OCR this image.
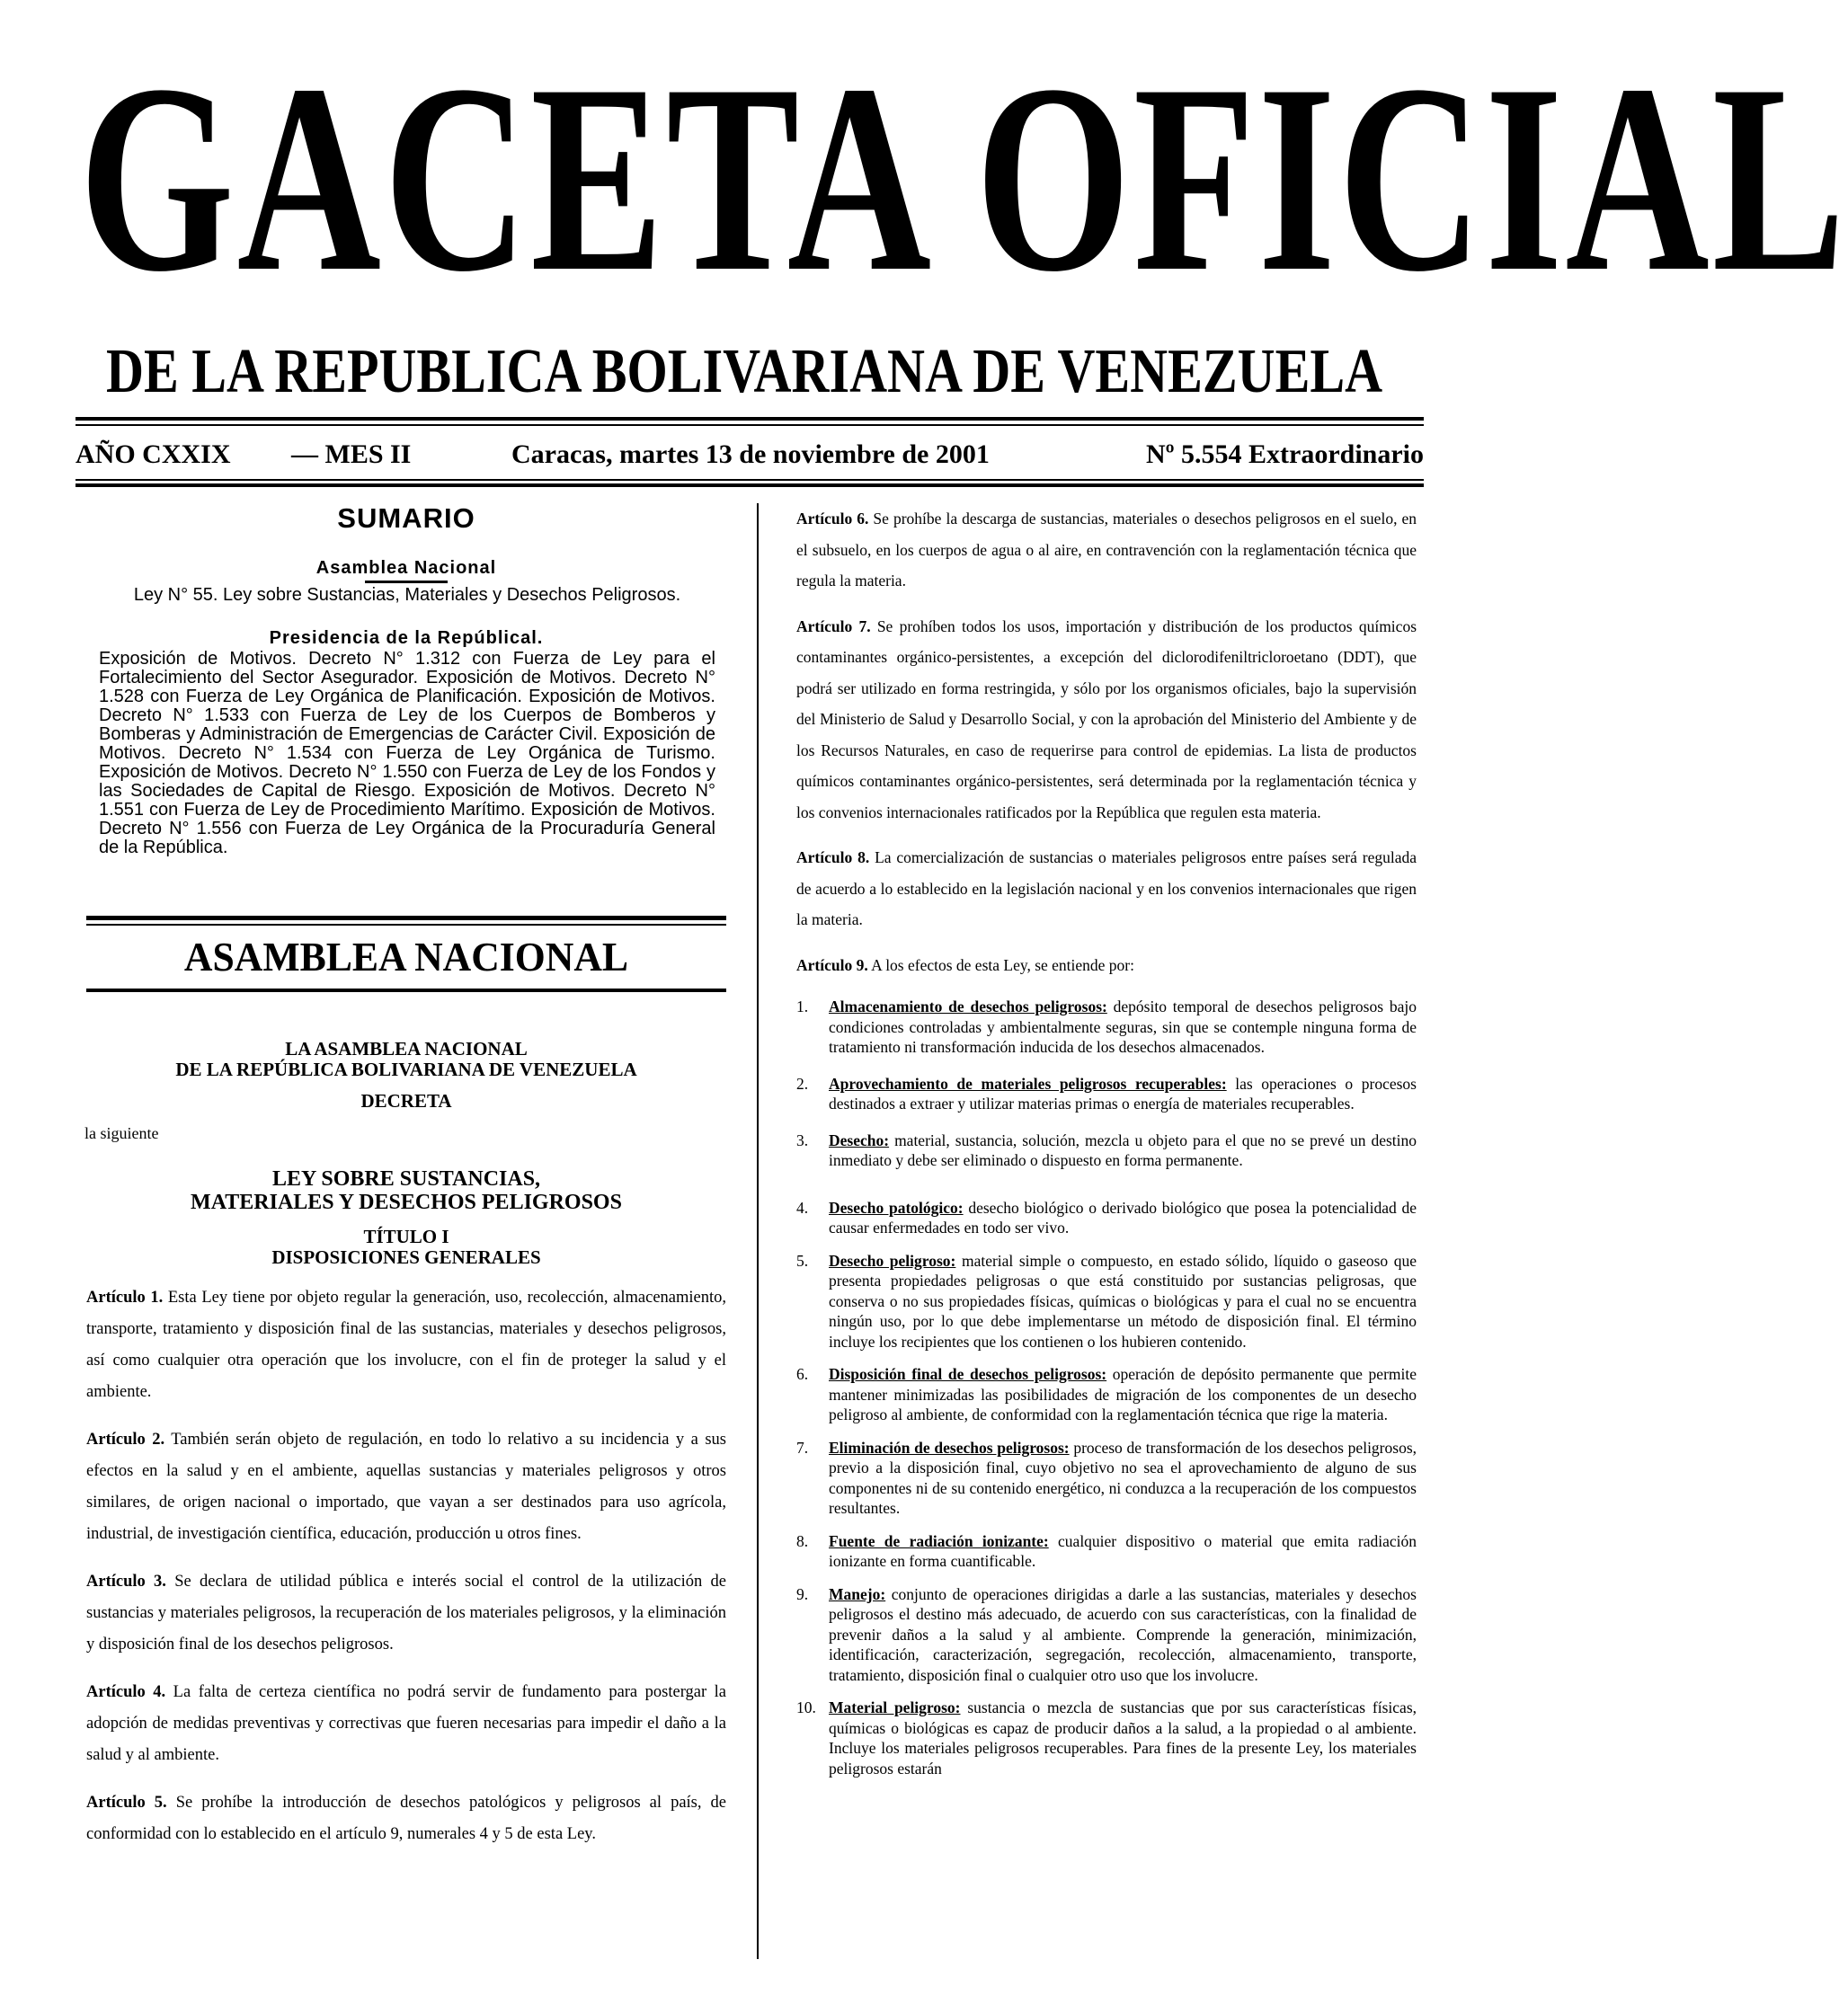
GACETA OFICIAL
DE LA REPUBLICA BOLIVARIANA DE VENEZUELA
AÑO CXXIX — MES II	Caracas, martes 13 de noviembre de 2001	Nº 5.554 Extraordinario
SUMARIO
Asamblea Nacional
Ley N° 55. Ley sobre Sustancias, Materiales y Desechos Peligrosos.
Presidencia de la Repúblical.
Exposición de Motivos. Decreto N° 1.312 con Fuerza de Ley para el Fortalecimiento del Sector Asegurador. Exposición de Motivos. Decreto N° 1.528 con Fuerza de Ley Orgánica de Planificación. Exposición de Motivos. Decreto N° 1.533 con Fuerza de Ley de los Cuerpos de Bomberos y Bomberas y Administración de Emergencias de Carácter Civil. Exposición de Motivos. Decreto N° 1.534 con Fuerza de Ley Orgánica de Turismo. Exposición de Motivos. Decreto N° 1.550 con Fuerza de Ley de los Fondos y las Sociedades de Capital de Riesgo. Exposición de Motivos. Decreto N° 1.551 con Fuerza de Ley de Procedimiento Marítimo. Exposición de Motivos. Decreto N° 1.556 con Fuerza de Ley Orgánica de la Procuraduría General de la República.
ASAMBLEA NACIONAL
LA ASAMBLEA NACIONAL
DE LA REPÚBLICA BOLIVARIANA DE VENEZUELA
DECRETA
la siguiente
LEY SOBRE SUSTANCIAS,
MATERIALES Y DESECHOS PELIGROSOS
TÍTULO I
DISPOSICIONES GENERALES

Artículo 1. Esta Ley tiene por objeto regular la generación, uso, recolección, almacenamiento, transporte, tratamiento y disposición final de las sustancias, materiales y desechos peligrosos, así como cualquier otra operación que los involucre, con el fin de proteger la salud y el ambiente.

Artículo 2. También serán objeto de regulación, en todo lo relativo a su incidencia y a sus efectos en la salud y en el ambiente, aquellas sustancias y materiales peligrosos y otros similares, de origen nacional o importado, que vayan a ser destinados para uso agrícola, industrial, de investigación científica, educación, producción u otros fines.

Artículo 3. Se declara de utilidad pública e interés social el control de la utilización de sustancias y materiales peligrosos, la recuperación de los materiales peligrosos, y la eliminación y disposición final de los desechos peligrosos.

Artículo 4. La falta de certeza científica no podrá servir de fundamento para postergar la adopción de medidas preventivas y correctivas que fueren necesarias para impedir el daño a la salud y al ambiente.

Artículo 5. Se prohíbe la introducción de desechos patológicos y peligrosos al país, de conformidad con lo establecido en el artículo 9, numerales 4 y 5 de esta Ley.

Artículo 6. Se prohíbe la descarga de sustancias, materiales o desechos peligrosos en el suelo, en el subsuelo, en los cuerpos de agua o al aire, en contravención con la reglamentación técnica que regula la materia.

Artículo 7. Se prohíben todos los usos, importación y distribución de los productos químicos contaminantes orgánico-persistentes, a excepción del diclorodifeniltricloroetano (DDT), que podrá ser utilizado en forma restringida, y sólo por los organismos oficiales, bajo la supervisión del Ministerio de Salud y Desarrollo Social, y con la aprobación del Ministerio del Ambiente y de los Recursos Naturales, en caso de requerirse para control de epidemias. La lista de productos químicos contaminantes orgánico-persistentes, será determinada por la reglamentación técnica y los convenios internacionales ratificados por la República que regulen esta materia.

Artículo 8. La comercialización de sustancias o materiales peligrosos entre países será regulada de acuerdo a lo establecido en la legislación nacional y en los convenios internacionales que rigen la materia.

Artículo 9. A los efectos de esta Ley, se entiende por:

1. Almacenamiento de desechos peligrosos: depósito temporal de desechos peligrosos bajo condiciones controladas y ambientalmente seguras, sin que se contemple ninguna forma de tratamiento ni transformación inducida de los desechos almacenados.
2. Aprovechamiento de materiales peligrosos recuperables: las operaciones o procesos destinados a extraer y utilizar materias primas o energía de materiales recuperables.
3. Desecho: material, sustancia, solución, mezcla u objeto para el que no se prevé un destino inmediato y debe ser eliminado o dispuesto en forma permanente.
4. Desecho patológico: desecho biológico o derivado biológico que posea la potencialidad de causar enfermedades en todo ser vivo.
5. Desecho peligroso: material simple o compuesto, en estado sólido, líquido o gaseoso que presenta propiedades peligrosas o que está constituido por sustancias peligrosas, que conserva o no sus propiedades físicas, químicas o biológicas y para el cual no se encuentra ningún uso, por lo que debe implementarse un método de disposición final. El término incluye los recipientes que los contienen o los hubieren contenido.
6. Disposición final de desechos peligrosos: operación de depósito permanente que permite mantener minimizadas las posibilidades de migración de los componentes de un desecho peligroso al ambiente, de conformidad con la reglamentación técnica que rige la materia.
7. Eliminación de desechos peligrosos: proceso de transformación de los desechos peligrosos, previo a la disposición final, cuyo objetivo no sea el aprovechamiento de alguno de sus componentes ni de su contenido energético, ni conduzca a la recuperación de los compuestos resultantes.
8. Fuente de radiación ionizante: cualquier dispositivo o material que emita radiación ionizante en forma cuantificable.
9. Manejo: conjunto de operaciones dirigidas a darle a las sustancias, materiales y desechos peligrosos el destino más adecuado, de acuerdo con sus características, con la finalidad de prevenir daños a la salud y al ambiente. Comprende la generación, minimización, identificación, caracterización, segregación, recolección, almacenamiento, transporte, tratamiento, disposición final o cualquier otro uso que los involucre.
10. Material peligroso: sustancia o mezcla de sustancias que por sus características físicas, químicas o biológicas es capaz de producir daños a la salud, a la propiedad o al ambiente. Incluye los materiales peligrosos recuperables. Para fines de la presente Ley, los materiales peligrosos estarán
